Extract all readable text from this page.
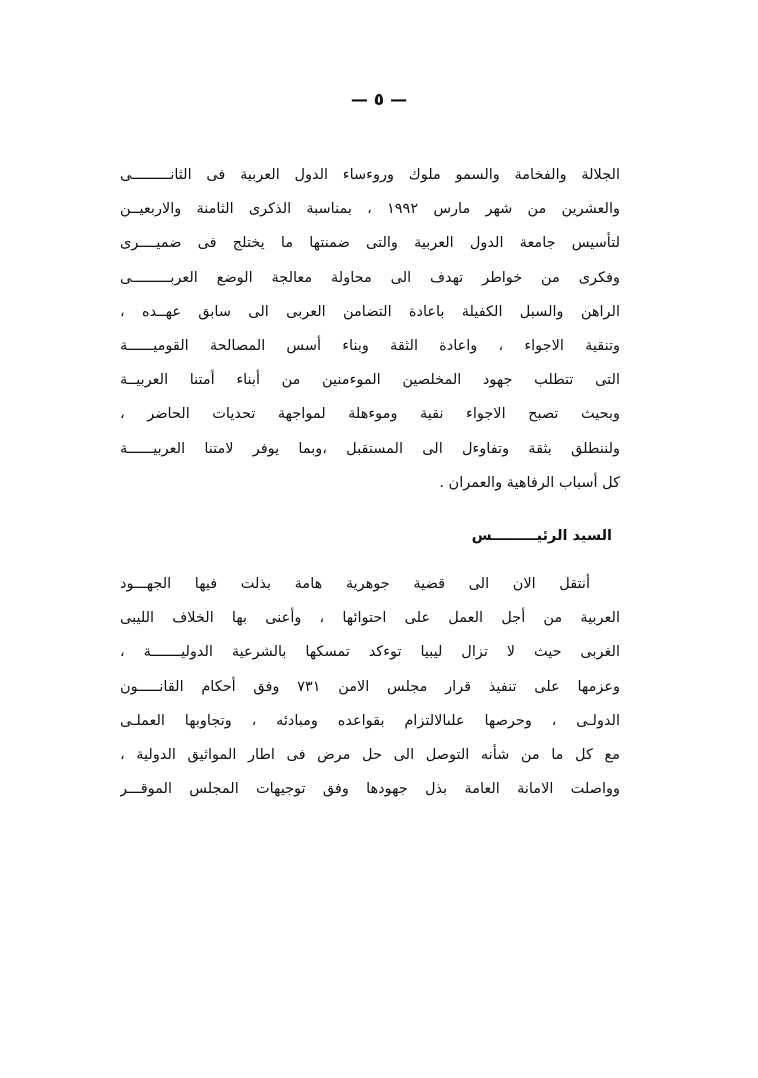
— ٥ —
الجلالة والفخامة والسمو ملوك وروءساء الدول العربية فى الثانـــــــــى
والعشرين من شهر مارس ١٩٩٢ ، بمناسبة الذكرى الثامنة والاربعيــن
لتأسيس جامعة الدول العربية والتى ضمنتها ما يختلج فى ضميــــرى
وفكرى من خواطر تهدف الى محاولة معالجة الوضع العربـــــــــى
الراهن والسبل الكفيلة باعادة التضامن العربى الى سابق عهــده ،
وتنقية الاجواء ، واعادة الثقة وبناء أسس المصالحة القوميــــــة
التى تتطلب جهود المخلصين الموءمنين من أبناء أمتنا العربيــة
وبحيث تصبح الاجواء نقية وموءهلة لمواجهة تحديات الحاضر ،
ولننطلق بثقة وتفاوءل الى المستقبل ،وبما يوفر لامتنا العربيــــــة
كل أسباب الرفاهية والعمران .
السيد الرئيـــــــــس
أنتقل الان الى قضية جوهرية هامة بذلت فيها الجهـــود
العربية من أجل العمل على احتوائها ، وأعنى بها الخلاف الليبى
الغربى حيث لا تزال ليبيا توءكد تمسكها بالشرعية الدوليـــــــة ،
وعزمها على تنفيذ قرار مجلس الامن ٧٣١ وفق أحكام القانـــــون
الدولـى ، وحرصها علىالالتزام بقواعده ومبادئه ، وتجاوبها العملـى
مع كل ما من شأنه التوصل الى حل مرض فى اطار المواثيق الدولية ،
وواصلت الامانة العامة بذل جهودها وفق توجيهات المجلس الموقـــر
